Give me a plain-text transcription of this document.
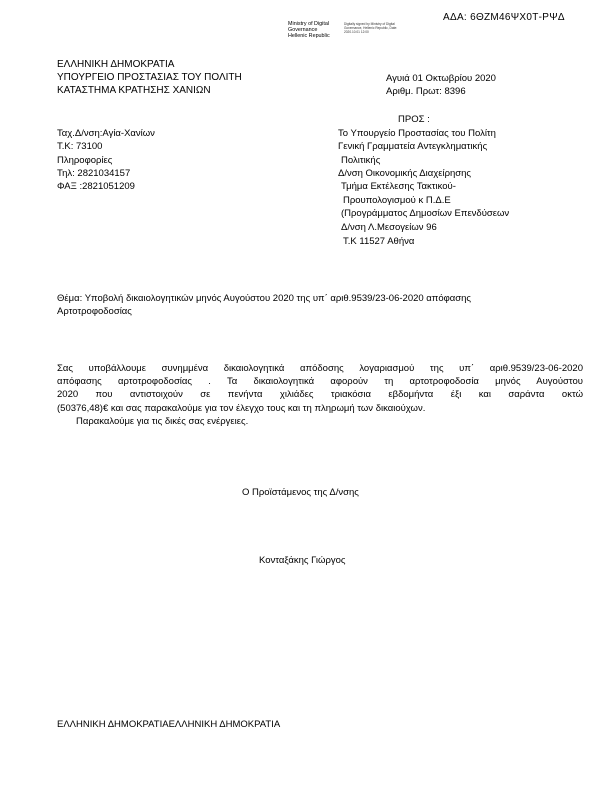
Ministry of Digital
Governance
Hellenic Republic
Digitally signed by Ministry of Digital Governance, Hellenic Republic, Date: 2020.10.01 12:00
ΑΔΑ: 6ΘΖΜ46ΨΧ0Τ-ΡΨΔ
ΕΛΛΗΝΙΚΗ ΔΗΜΟΚΡΑΤΙΑ
ΥΠΟΥΡΓΕΙΟ ΠΡΟΣΤΑΣΙΑΣ ΤΟΥ ΠΟΛΙΤΗ
ΚΑΤΑΣΤΗΜΑ ΚΡΑΤΗΣΗΣ ΧΑΝΙΩΝ
Αγυιά 01 Οκτωβρίου 2020
Αριθμ. Πρωτ: 8396
ΠΡΟΣ :
Ταχ.Δ/νση:Αγία-Χανίων
Τ.Κ: 73100
Πληροφορίες
Τηλ: 2821034157
ΦΑΞ :2821051209
Το Υπουργείο Προστασίας του Πολίτη
Γενική Γραμματεία Αντεγκληματικής
Πολιτικής
Δ/νση Οικονομικής Διαχείρησης
Τμήμα Εκτέλεσης Τακτικού-
Προυπολογισμού κ Π.Δ.Ε
(Προγράμματος Δημοσίων Επενδύσεων
Δ/νση Λ.Μεσογείων 96
Τ.Κ 11527 Αθήνα
Θέμα: Υποβολή δικαιολογητικών μηνός Αυγούστου 2020 της υπ΄ αριθ.9539/23-06-2020 απόφασης
Αρτοτροφοδοσίας
Σας υποβάλλουμε συνημμένα δικαιολογητικά απόδοσης λογαριασμού της υπ΄ αριθ.9539/23-06-2020
απόφασης αρτοτροφοδοσίας . Τα δικαιολογητικά αφορούν τη αρτοτροφοδοσία μηνός Αυγούστου
2020 που αντιστοιχούν σε πενήντα χιλιάδες τριακόσια εβδομήντα έξι και σαράντα οκτώ
(50376,48)€ και σας παρακαλούμε για τον έλεγχο τους και τη πληρωμή των δικαιούχων.
Παρακαλούμε για τις δικές σας ενέργειες.
Ο Προϊστάμενος της Δ/νσης
Κονταξάκης Γιώργος
ΕΛΛΗΝΙΚΗ ΔΗΜΟΚΡΑΤΙΑΕΛΛΗΝΙΚΗ ΔΗΜΟΚΡΑΤΙΑ
